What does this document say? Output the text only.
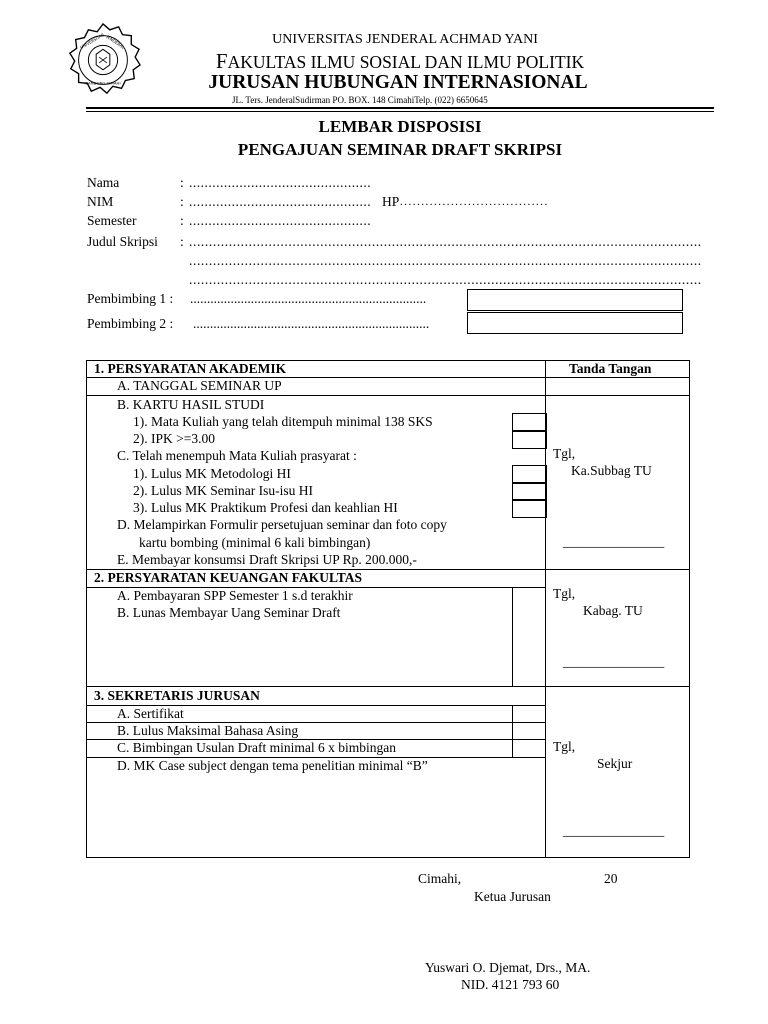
UNIVERSITAS JENDERAL
BANDUNG CIMAHI
UNIVERSITAS JENDERAL ACHMAD YANI
FAKULTAS ILMU SOSIAL DAN ILMU POLITIK
JURUSAN HUBUNGAN INTERNASIONAL
JL. Ters. JenderalSudirman PO. BOX. 148 CimahiTelp. (022) 6650645
LEMBAR DISPOSISI
PENGAJUAN SEMINAR DRAFT SKRIPSI
Nama	: ...............................................
NIM	: ............................................... HP ...................................
Semester	: ...............................................
Judul Skripsi : .................................................................................................................................
.................................................................................................................................
.................................................................................................................................
Pembimbing 1 : ......................................................................
Pembimbing 2 : ......................................................................
1. PERSYARATAN AKADEMIK	Tanda Tangan
A. TANGGAL SEMINAR UP
B. KARTU HASIL STUDI
1). Mata Kuliah yang telah ditempuh minimal 138 SKS
2). IPK >=3.00
C. Telah menempuh Mata Kuliah prasyarat :
1). Lulus MK Metodologi HI
2). Lulus MK Seminar Isu-isu HI
3). Lulus MK Praktikum Profesi dan keahlian HI
D. Melampirkan Formulir persetujuan seminar dan foto copy
kartu bombing (minimal 6 kali bimbingan)
E. Membayar konsumsi Draft Skripsi UP Rp. 200.000,-
Tgl,
Ka.Subbag TU
_______________
2. PERSYARATAN KEUANGAN FAKULTAS
A. Pembayaran SPP Semester 1 s.d terakhir
B. Lunas Membayar Uang Seminar Draft
Tgl,
Kabag. TU
_______________
3. SEKRETARIS JURUSAN
A. Sertifikat
B. Lulus Maksimal Bahasa Asing
C. Bimbingan Usulan Draft minimal 6 x bimbingan
D. MK Case subject dengan tema penelitian minimal “B”
Tgl,
Sekjur
_______________
Cimahi,	20
Ketua Jurusan
Yuswari O. Djemat, Drs., MA.
NID. 4121 793 60
